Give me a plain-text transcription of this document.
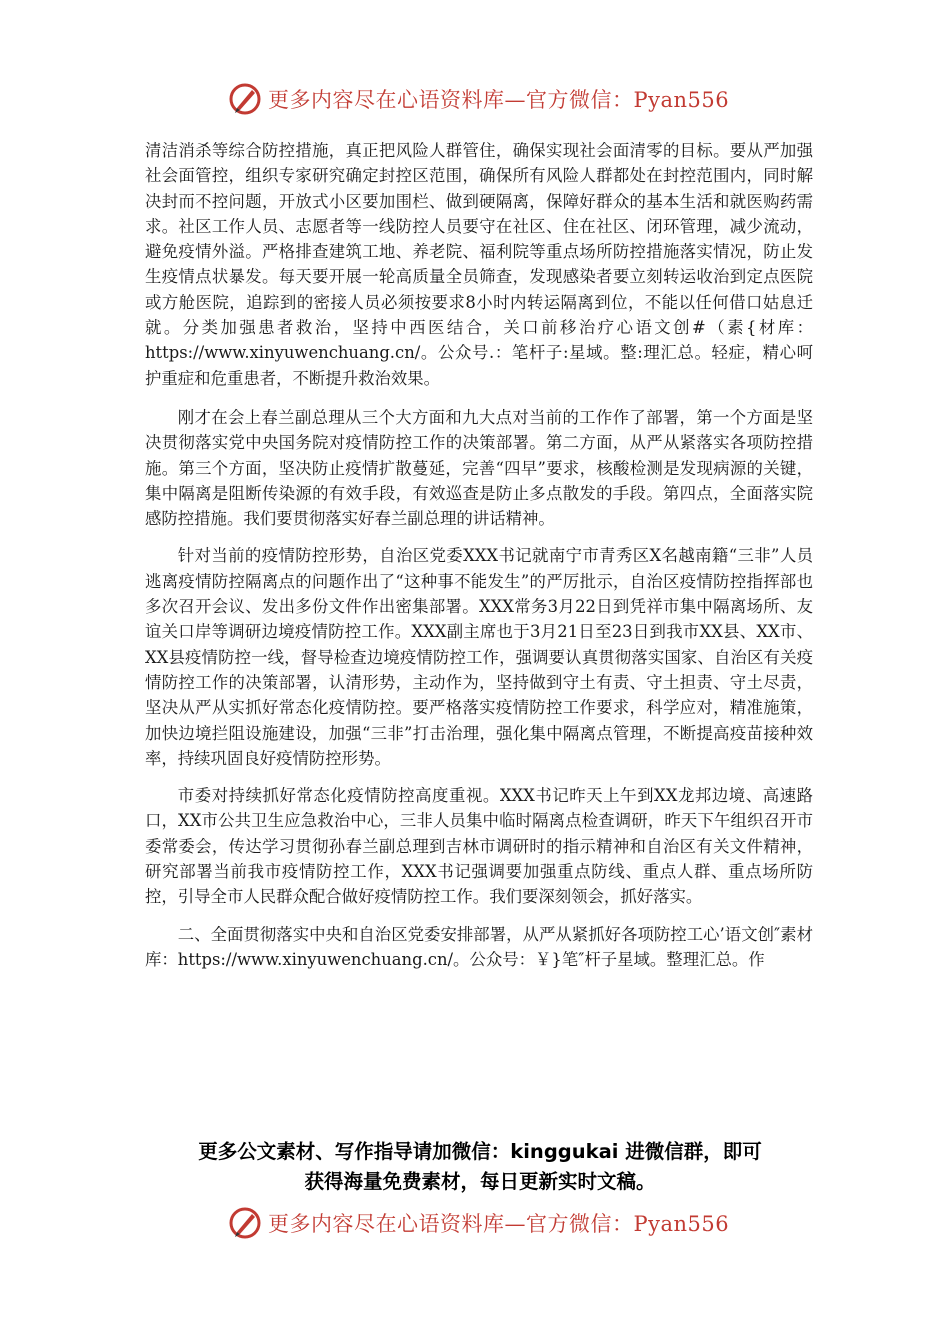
更多内容尽在心语资料库—官方微信：Pyan556

清洁消杀等综合防控措施，真正把风险人群管住，确保实现社会面清零的目标。要从严加强社会面管控，组织专家研究确定封控区范围，确保所有风险人群都处在封控范围内，同时解决封而不控问题，开放式小区要加围栏、做到硬隔离，保障好群众的基本生活和就医购药需求。社区工作人员、志愿者等一线防控人员要守在社区、住在社区、闭环管理，减少流动，避免疫情外溢。严格排查建筑工地、养老院、福利院等重点场所防控措施落实情况，防止发生疫情点状暴发。每天要开展一轮高质量全员筛查，发现感染者要立刻转运收治到定点医院或方舱医院，追踪到的密接人员必须按要求8小时内转运隔离到位，不能以任何借口姑息迁就。分类加强患者救治，坚持中西医结合，关口前移治疗心语文创#（素{材库：https://www.xinyuwenchuang.cn/。公众号.：笔杆子:星域。整:理汇总。轻症，精心呵护重症和危重患者，不断提升救治效果。

刚才在会上春兰副总理从三个大方面和九大点对当前的工作作了部署，第一个方面是坚决贯彻落实党中央国务院对疫情防控工作的决策部署。第二方面，从严从紧落实各项防控措施。第三个方面，坚决防止疫情扩散蔓延，完善“四早”要求，核酸检测是发现病源的关键，集中隔离是阻断传染源的有效手段，有效巡查是防止多点散发的手段。第四点，全面落实院感防控措施。我们要贯彻落实好春兰副总理的讲话精神。

针对当前的疫情防控形势，自治区党委XXX书记就南宁市青秀区X名越南籍“三非”人员逃离疫情防控隔离点的问题作出了“这种事不能发生”的严厉批示，自治区疫情防控指挥部也多次召开会议、发出多份文件作出密集部署。XXX常务3月22日到凭祥市集中隔离场所、友谊关口岸等调研边境疫情防控工作。XXX副主席也于3月21日至23日到我市XX县、XX市、XX县疫情防控一线，督导检查边境疫情防控工作，强调要认真贯彻落实国家、自治区有关疫情防控工作的决策部署，认清形势，主动作为，坚持做到守土有责、守土担责、守土尽责，坚决从严从实抓好常态化疫情防控。要严格落实疫情防控工作要求，科学应对，精准施策，加快边境拦阻设施建设，加强“三非”打击治理，强化集中隔离点管理，不断提高疫苗接种效率，持续巩固良好疫情防控形势。

市委对持续抓好常态化疫情防控高度重视。XXX书记昨天上午到XX龙邦边境、高速路口，XX市公共卫生应急救治中心，三非人员集中临时隔离点检查调研，昨天下午组织召开市委常委会，传达学习贯彻孙春兰副总理到吉林市调研时的指示精神和自治区有关文件精神，研究部署当前我市疫情防控工作，XXX书记强调要加强重点防线、重点人群、重点场所防控，引导全市人民群众配合做好疫情防控工作。我们要深刻领会，抓好落实。

二、全面贯彻落实中央和自治区党委安排部署，从严从紧抓好各项防控工心’语文创″素材库：https://www.xinyuwenchuang.cn/。公众号：￥}笔″杆子星域。整理汇总。作

更多公文素材、写作指导请加微信：kinggukai 进微信群，即可
获得海量免费素材，每日更新实时文稿。
更多内容尽在心语资料库—官方微信：Pyan556
